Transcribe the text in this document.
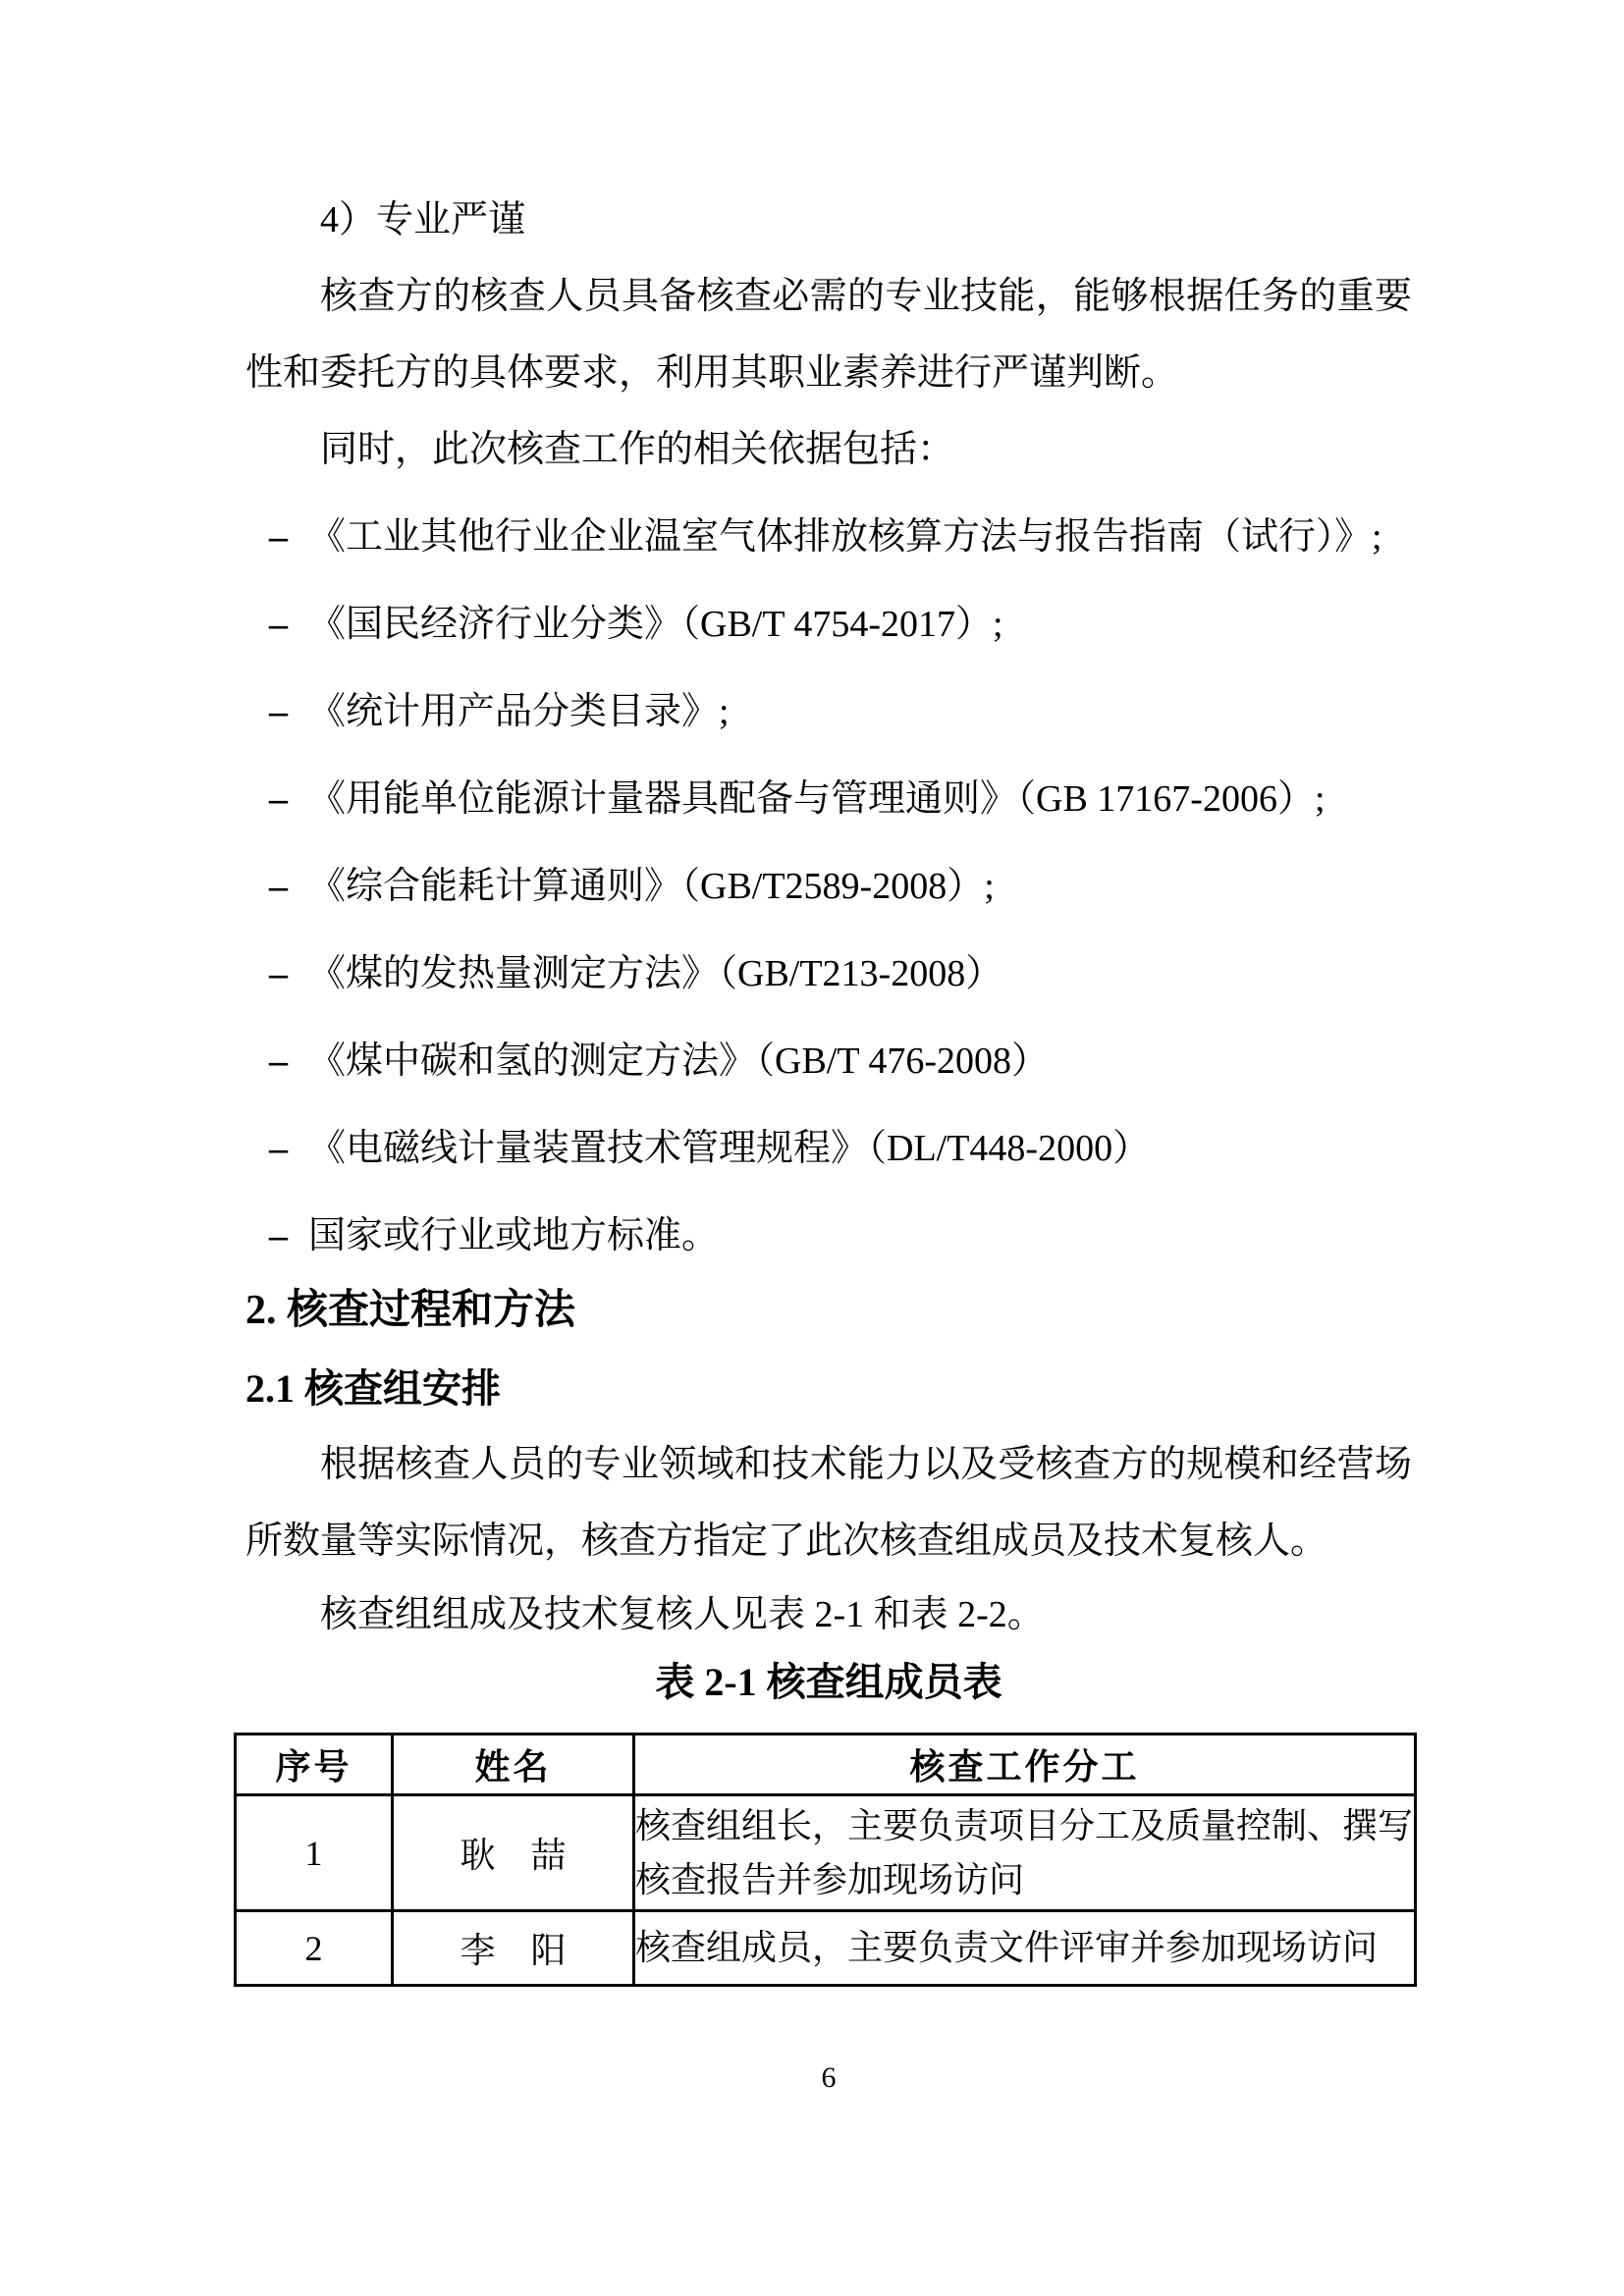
4）专业严谨

核查方的核查人员具备核查必需的专业技能，能够根据任务的重要性和委托方的具体要求，利用其职业素养进行严谨判断。

同时，此次核查工作的相关依据包括：

– 《工业其他行业企业温室气体排放核算方法与报告指南（试行）》;
– 《国民经济行业分类》（GB/T 4754-2017）;
– 《统计用产品分类目录》;
– 《用能单位能源计量器具配备与管理通则》（GB 17167-2006）;
– 《综合能耗计算通则》（GB/T2589-2008）;
– 《煤的发热量测定方法》（GB/T213-2008）
– 《煤中碳和氢的测定方法》（GB/T 476-2008）
– 《电磁线计量装置技术管理规程》（DL/T448-2000）
– 国家或行业或地方标准。
2. 核查过程和方法
2.1 核查组安排

根据核查人员的专业领域和技术能力以及受核查方的规模和经营场所数量等实际情况，核查方指定了此次核查组成员及技术复核人。

核查组组成及技术复核人见表 2-1 和表 2-2。

表 2-1 核查组成员表
序号	姓名	核查工作分工
1	耿　喆	核查组组长，主要负责项目分工及质量控制、撰写核查报告并参加现场访问
2	李　阳	核查组成员，主要负责文件评审并参加现场访问
6
